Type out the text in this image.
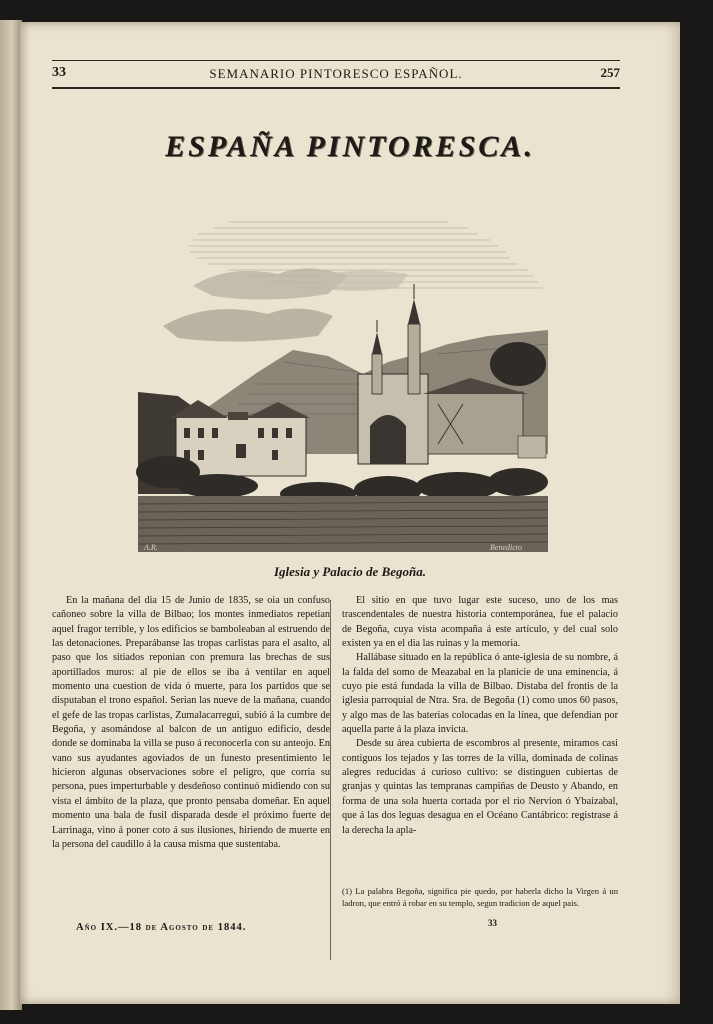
33	SEMANARIO PINTORESCO ESPAÑOL.	257
ESPAÑA PINTORESCA.
A.R.	Benedicto
Iglesia y Palacio de Begoña.

En la mañana del dia 15 de Junio de 1835, se oia un confuso cañoneo sobre la villa de Bilbao; los montes inmediatos repetian aquel fragor terrible, y los edificios se bamboleaban al estruendo de las detonaciones. Preparábanse las tropas carlistas para el asalto, al paso que los sitiados reponian con premura las brechas de sus aportillados muros: al pie de ellos se iba á ventilar en aquel momento una cuestion de vida ó muerte, para los partidos que se disputaban el trono español. Serian las nueve de la mañana, cuando el gefe de las tropas carlistas, Zumalacarregui, subió á la cumbre de Begoña, y asomándose al balcon de un antiguo edificio, desde donde se dominaba la villa se puso á reconocerla con su anteojo. En vano sus ayudantes agoviados de un funesto presentimiento le hicieron algunas observaciones sobre el peligro, que corria su persona, pues imperturbable y desdeñoso continuó midiendo con su vista el ámbito de la plaza, que pronto pensaba domeñar. En aquel momento una bala de fusil disparada desde el próximo fuerte de Larrinaga, vino á poner coto á sus ilusiones, hiriendo de muerte en la persona del caudillo á la causa misma que sustentaba.

El sitio en que tuvo lugar este suceso, uno de los mas trascendentales de nuestra historia contemporánea, fue el palacio de Begoña, cuya vista acompaña á este artículo, y del cual solo existen ya en el dia las ruinas y la memoria.

Hallábase situado en la república ó ante-iglesia de su nombre, á la falda del somo de Meazabal en la planicie de una eminencia, á cuyo pie está fundada la villa de Bilbao. Distaba del frontis de la iglesia parroquial de Ntra. Sra. de Begoña (1) como unos 60 pasos, y algo mas de las baterias colocadas en la línea, que defendian por aquella parte á la plaza invicta.

Desde su área cubierta de escombros al presente, miramos casi contiguos los tejados y las torres de la villa, dominada de colinas alegres reducidas á curioso cultivo: se distinguen cubiertas de granjas y quintas las tempranas campiñas de Deusto y Abando, en forma de una sola huerta cortada por el rio Nervion ó Ybaizabal, que á las dos leguas desagua en el Océano Cantábrico: registrase á la derecha la apla-

(1) La palabra Begoña, significa pie quedo, por haberla dicho la Virgen á un ladron, que entró á robar en su templo, segun tradicion de aquel pais.

Año IX.—18 de Agosto de 1844.	33
